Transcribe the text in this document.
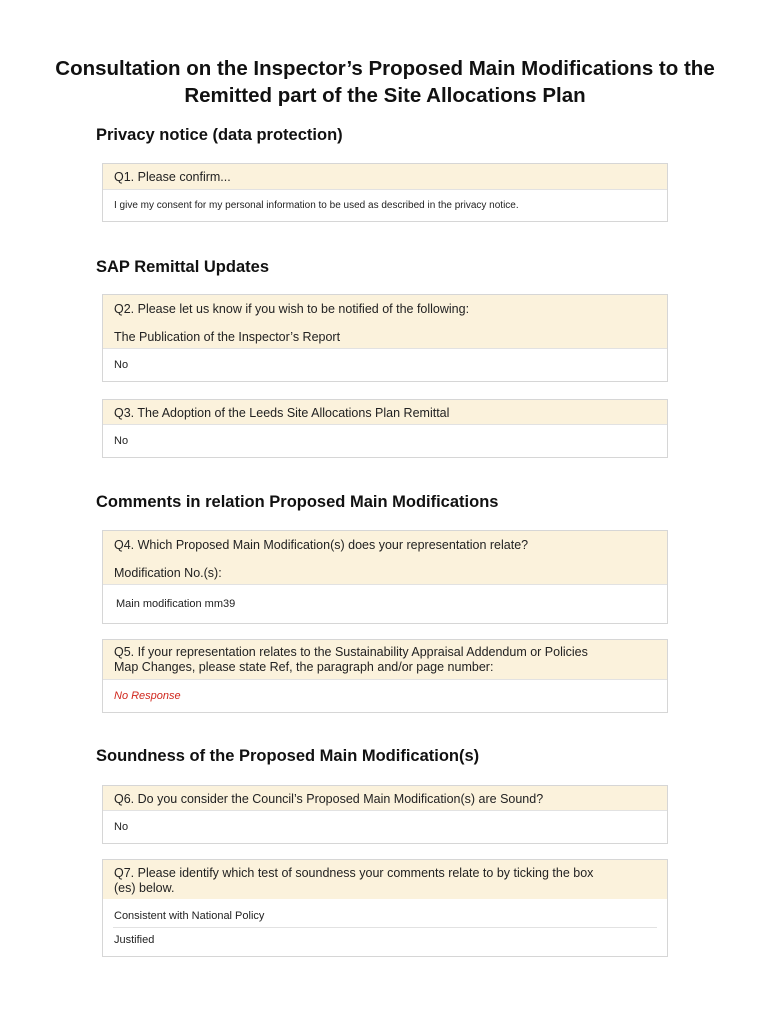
Consultation on the Inspector’s Proposed Main Modifications to the
Remitted part of the Site Allocations Plan
Privacy notice (data protection)
Q1. Please confirm...
I give my consent for my personal information to be used as described in the privacy notice.
SAP Remittal Updates
Q2. Please let us know if you wish to be notified of the following:
The Publication of the Inspector’s Report
No
Q3. The Adoption of the Leeds Site Allocations Plan Remittal
No
Comments in relation Proposed Main Modifications
Q4. Which Proposed Main Modification(s) does your representation relate?
Modification No.(s):
Main modification mm39
Q5. If your representation relates to the Sustainability Appraisal Addendum or Policies
Map Changes, please state Ref, the paragraph and/or page number:
No Response
Soundness of the Proposed Main Modification(s)
Q6. Do you consider the Council’s Proposed Main Modification(s) are Sound?
No
Q7. Please identify which test of soundness your comments relate to by ticking the box
(es) below.
Consistent with National Policy
Justified
